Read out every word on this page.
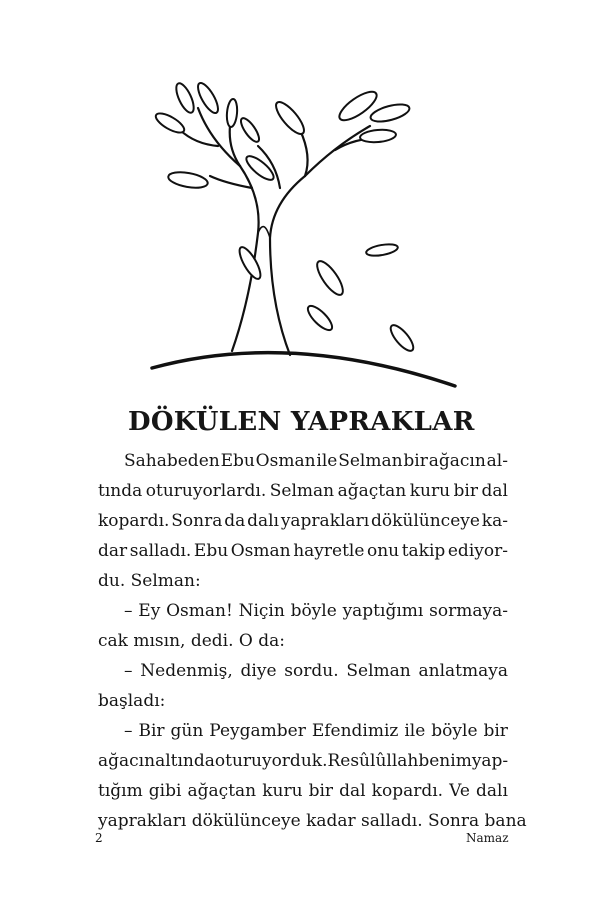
DÖKÜLEN YAPRAKLAR
Sahabeden Ebu Osman ile Selman bir ağacın al-
tında oturuyorlardı. Selman ağaçtan kuru bir dal
kopardı. Sonra da dalı yaprakları dökülünceye ka-
dar salladı. Ebu Osman hayretle onu takip ediyor-
du. Selman:
– Ey Osman! Niçin böyle yaptığımı sormaya-
cak mısın, dedi. O da:
– Nedenmiş, diye sordu. Selman anlatmaya
başladı:
– Bir gün Peygamber Efendimiz ile böyle bir
ağacın altında oturuyorduk. Resûlûllah benim yap-
tığım gibi ağaçtan kuru bir dal kopardı. Ve dalı
yaprakları dökülünceye kadar salladı. Sonra bana
2	Namaz
